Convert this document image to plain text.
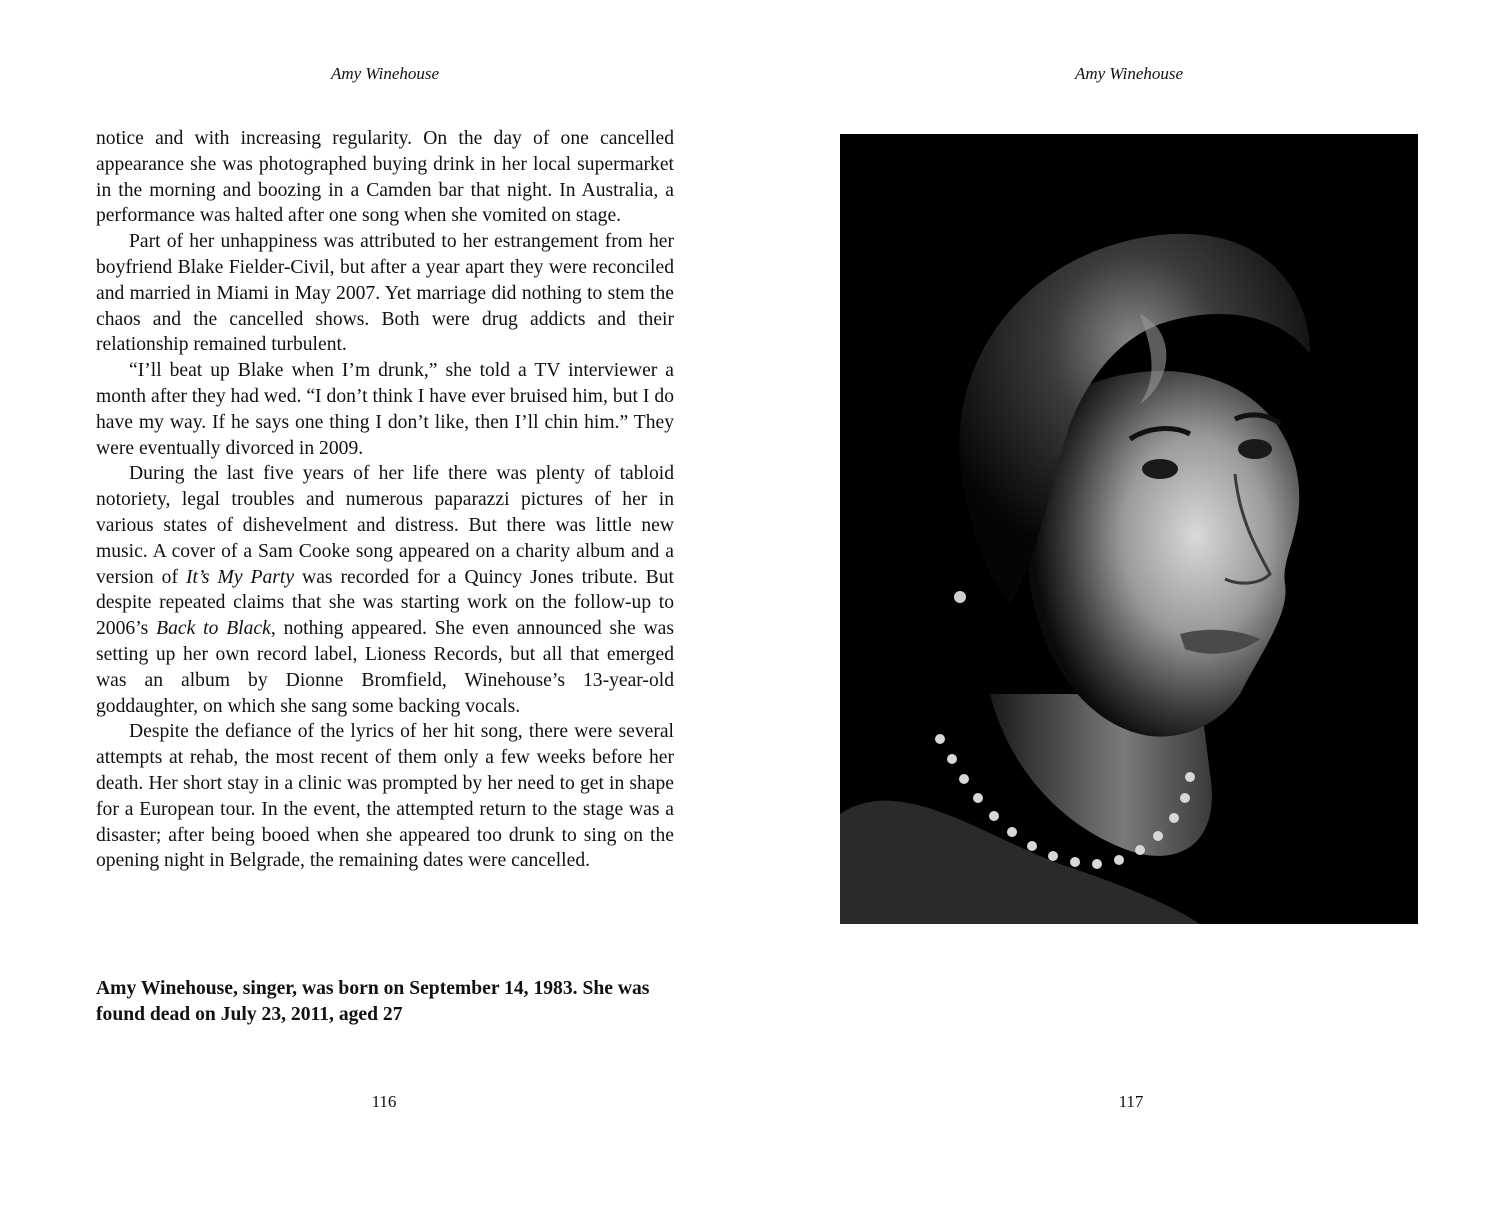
Amy Winehouse

notice and with increasing regularity. On the day of one cancelled appearance she was photographed buying drink in her local supermarket in the morning and boozing in a Camden bar that night. In Australia, a performance was halted after one song when she vomited on stage.

Part of her unhappiness was attributed to her estrangement from her boyfriend Blake Fielder-Civil, but after a year apart they were reconciled and married in Miami in May 2007. Yet marriage did nothing to stem the chaos and the cancelled shows. Both were drug addicts and their relationship remained turbulent.

“I’ll beat up Blake when I’m drunk,” she told a TV interviewer a month after they had wed. “I don’t think I have ever bruised him, but I do have my way. If he says one thing I don’t like, then I’ll chin him.” They were eventually divorced in 2009.

During the last five years of her life there was plenty of tabloid notoriety, legal troubles and numerous paparazzi pictures of her in various states of dishevelment and distress. But there was little new music. A cover of a Sam Cooke song appeared on a charity album and a version of It’s My Party was recorded for a Quincy Jones tribute. But despite repeated claims that she was starting work on the follow-up to 2006’s Back to Black, nothing appeared. She even announced she was setting up her own record label, Lioness Records, but all that emerged was an album by Dionne Bromfield, Winehouse’s 13-year-old goddaughter, on which she sang some backing vocals.

Despite the defiance of the lyrics of her hit song, there were several attempts at rehab, the most recent of them only a few weeks before her death. Her short stay in a clinic was prompted by her need to get in shape for a European tour. In the event, the attempted return to the stage was a disaster; after being booed when she appeared too drunk to sing on the opening night in Belgrade, the remaining dates were cancelled.

Amy Winehouse, singer, was born on September 14, 1983. She was found dead on July 23, 2011, aged 27

116

Amy Winehouse

117
